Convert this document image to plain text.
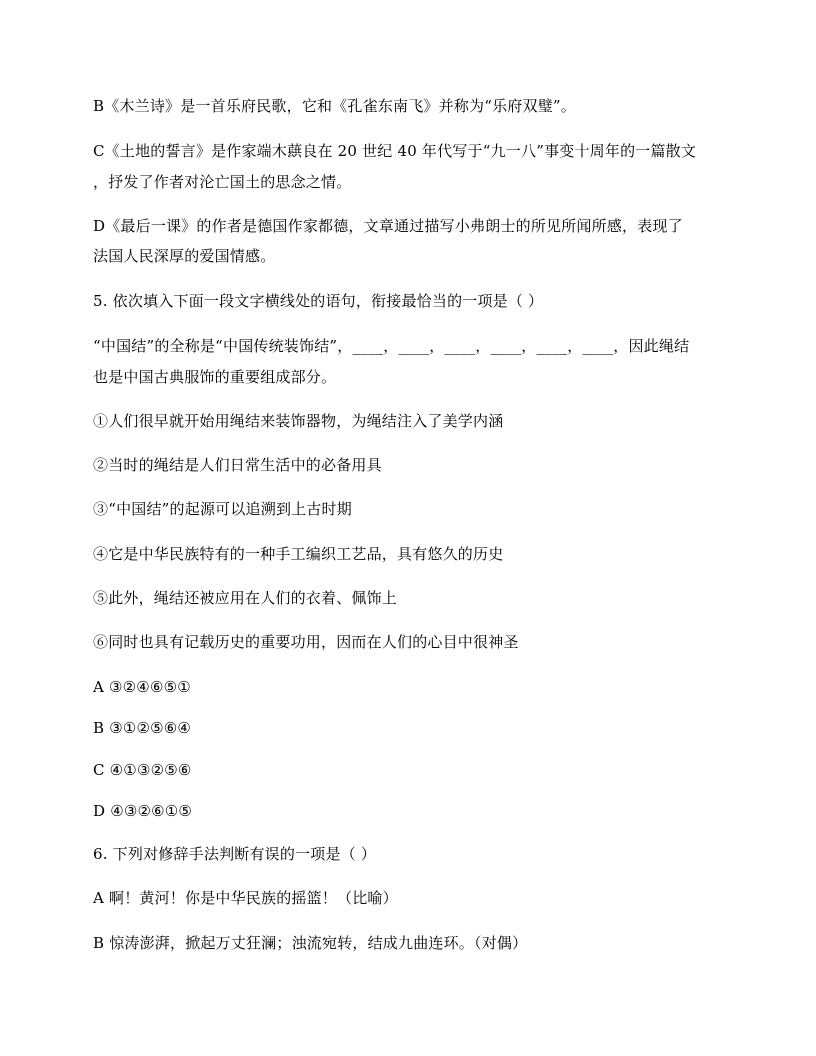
B《木兰诗》是一首乐府民歌，它和《孔雀东南飞》并称为“乐府双璧”。
C《土地的誓言》是作家端木蕻良在 20 世纪 40 年代写于“九一八”事变十周年的一篇散文
，抒发了作者对沦亡国土的思念之情。
D《最后一课》的作者是德国作家都德，文章通过描写小弗朗士的所见所闻所感，表现了
法国人民深厚的爱国情感。
5. 依次填入下面一段文字横线处的语句，衔接最恰当的一项是（ ）
“中国结”的全称是“中国传统装饰结”，____，____，____，____，____，____，因此绳结
也是中国古典服饰的重要组成部分。
①人们很早就开始用绳结来装饰器物，为绳结注入了美学内涵
②当时的绳结是人们日常生活中的必备用具
③“中国结”的起源可以追溯到上古时期
④它是中华民族特有的一种手工编织工艺品，具有悠久的历史
⑤此外，绳结还被应用在人们的衣着、佩饰上
⑥同时也具有记载历史的重要功用，因而在人们的心目中很神圣
A ③②④⑥⑤①
B ③①②⑤⑥④
C ④①③②⑤⑥
D ④③②⑥①⑤
6. 下列对修辞手法判断有误的一项是（ ）
A 啊！黄河！你是中华民族的摇篮！（比喻）
B 惊涛澎湃，掀起万丈狂澜；浊流宛转，结成九曲连环。（对偶）
